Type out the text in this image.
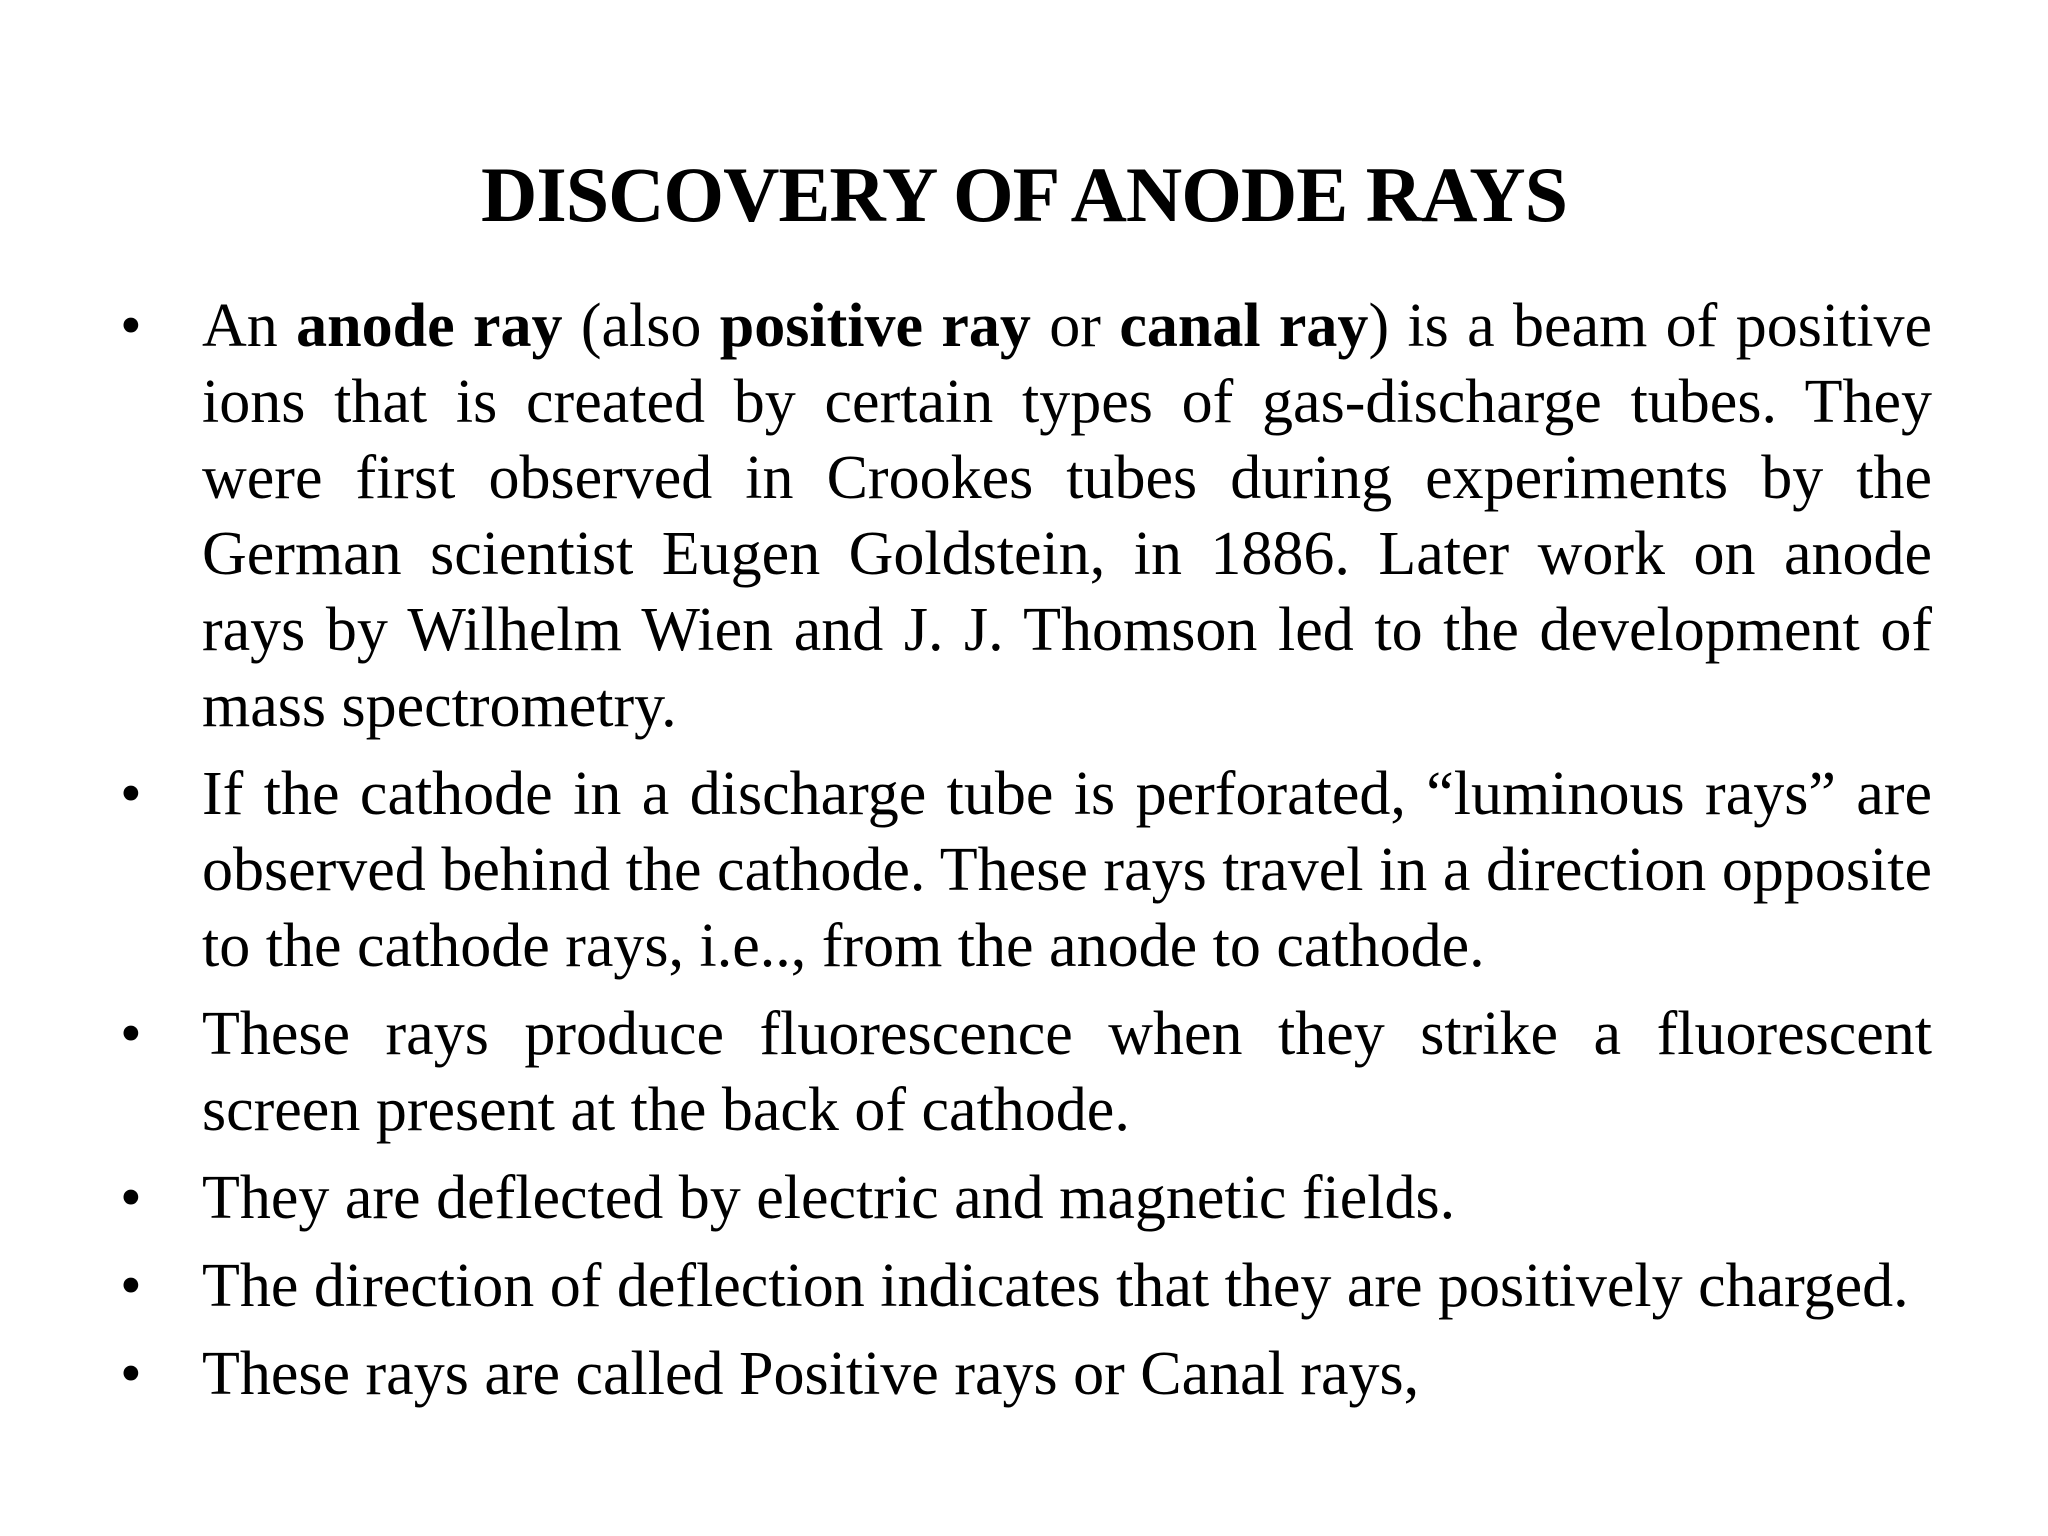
DISCOVERY OF ANODE RAYS
• An anode ray (also positive ray or canal ray) is a beam of positive ions that is created by certain types of gas-discharge tubes. They were first observed in Crookes tubes during experiments by the German scientist Eugen Goldstein, in 1886. Later work on anode rays by Wilhelm Wien and J. J. Thomson led to the development of mass spectrometry.
• If the cathode in a discharge tube is perforated, “luminous rays” are observed behind the cathode. These rays travel in a direction opposite to the cathode rays, i.e.., from the anode to cathode.
• These rays produce fluorescence when they strike a fluorescent screen present at the back of cathode.
• They are deflected by electric and magnetic fields.
• The direction of deflection indicates that they are positively charged.
• These rays are called Positive rays or Canal rays,
